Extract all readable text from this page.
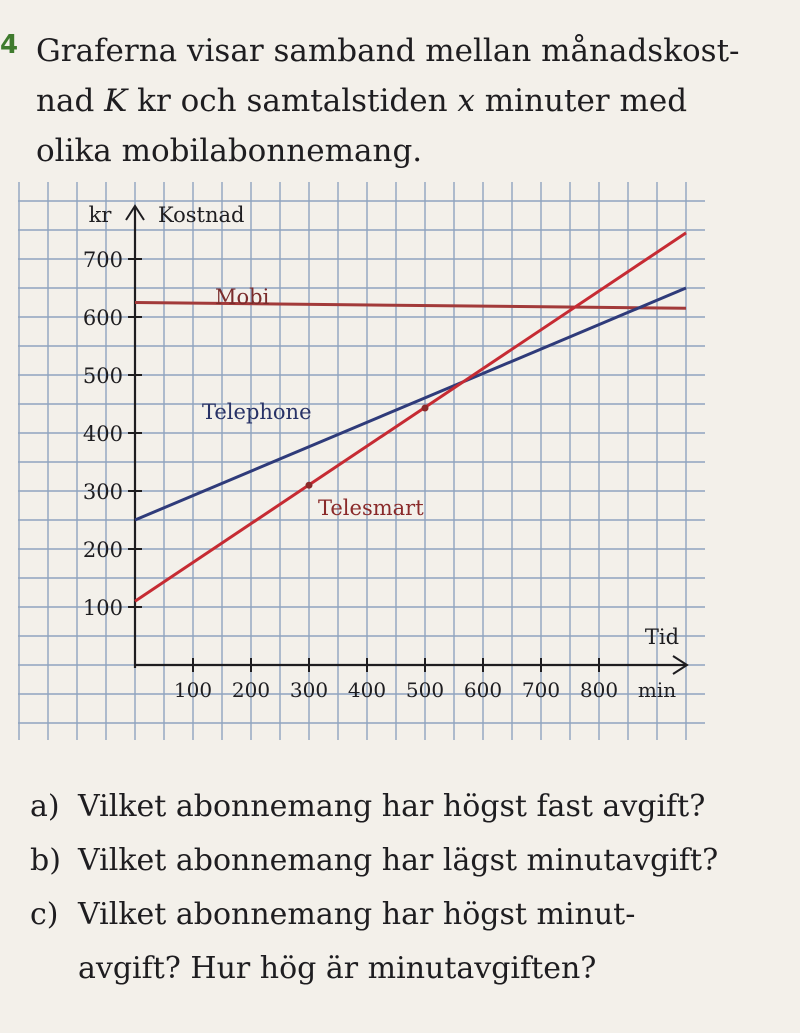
4 Graferna visar samband mellan månadskost-
nad K kr och samtalstiden x minuter med
olika mobilabonnemang.
100
200
300
400
500
600
700
100 200 300 400 500 600 700 800 min
Tid
kr Kostnad
Mobi
Telephone
Telesmart
a) Vilket abonnemang har högst fast avgift?
b) Vilket abonnemang har lägst minutavgift?
c) Vilket abonnemang har högst minut-
avgift? Hur hög är minutavgiften?
